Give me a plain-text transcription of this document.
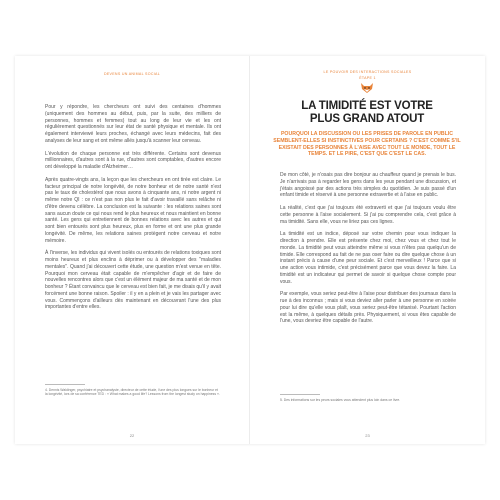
DEVENS UN ANIMAL SOCIAL

Pour y répondre, les chercheurs ont suivi des centaines d'hommes (uniquement des hommes au début, puis, par la suite, des milliers de personnes, hommes et femmes) tout au long de leur vie et les ont régulièrement questionnés sur leur état de santé physique et mentale. Ils ont également interviewé leurs proches, échangé avec leurs médecins, fait des analyses de leur sang et ont même allés jusqu'à scanner leur cerveau.

L'évolution de chaque personne est très différente. Certains sont devenus millionnaires, d'autres sont à la rue, d'autres sont comptables, d'autres encore ont développé la maladie d'Alzheimer…

Après quatre-vingts ans, la leçon que les chercheurs en ont tirée est claire. Le facteur principal de notre longévité, de notre bonheur et de notre santé n'est pas le taux de cholestérol que nous avons à cinquante ans, ni notre argent ni même notre QI : ce n'est pas non plus le fait d'avoir travaillé sans relâche ni d'être devenu célèbre. La conclusion est la suivante : les relations saines sont sans aucun doute ce qui nous rend le plus heureux et nous maintient en bonne santé. Les gens qui entretiennent de bonnes relations avec les autres et qui sont bien entourés sont plus heureux, plus en forme et ont une plus grande longévité. De même, les relations saines protègent notre cerveau et notre mémoire.

À l'inverse, les individus qui vivent isolés ou entourés de relations toxiques sont moins heureux et plus enclins à déprimer ou à développer des "maladies mentales". Quand j'ai découvert cette étude, une question m'est venue en tête. Pourquoi mon cerveau était capable de m'empêcher d'agir et de faire de nouvelles rencontres alors que c'est un élément majeur de ma santé et de mon bonheur ? Étant convaincu que le cerveau est bien fait, je me disais qu'il y avait forcément une bonne raison. Spoiler : il y en a plein et je vais les partager avec vous. Commençons d'ailleurs dès maintenant en découvrant l'une des plus importantes d'entre elles.

4. Dennis Waldinger, psychiatre et psychanalyste, directeur de cette étude, l'une des plus longues sur le bonheur et la longévité, lors de sa conférence TED : « What makes a good life? Lessons from the longest study on happiness ».
22
LE POUVOIR DES INTERACTIONS SOCIALES
ÉTAPE 1
LA TIMIDITÉ EST VOTRE
PLUS GRAND ATOUT
POURQUOI LA DISCUSSION OU LES PRISES DE PAROLE EN PUBLIC SEMBLENT-ELLES SI INSTINCTIVES POUR CERTAINS ? C'EST COMME S'IL EXISTAIT DES PERSONNES À L'AISE AVEC TOUT LE MONDE, TOUT LE TEMPS. ET LE PIRE, C'EST QUE C'EST LE CAS.

De mon côté, je n'osais pas dire bonjour au chauffeur quand je prenais le bus. Je n'arrivais pas à regarder les gens dans les yeux pendant une discussion, et j'étais angoissé par des actions très simples du quotidien. Je suis passé d'un enfant timide et réservé à une personne extravertie et à l'aise en public.

La réalité, c'est que j'ai toujours été extraverti et que j'ai toujours voulu être cette personne à l'aise socialement. Si j'ai pu comprendre cela, c'est grâce à ma timidité. Sans elle, vous ne liriez pas ces lignes.

La timidité est un indice, déposé sur votre chemin pour vous indiquer la direction à prendre. Elle est présente chez moi, chez vous et chez tout le monde. La timidité peut vous atteindre même si vous n'êtes pas quelqu'un de timide. Elle correspond au fait de ne pas oser faire ou dire quelque chose à un instant précis à cause d'une peur sociale. Et c'est merveilleux ! Parce que si une action vous intimide, c'est précisément parce que vous devez la faire. La timidité est un indicateur qui permet de savoir si quelque chose compte pour vous.

Par exemple, vous seriez peut-être à l'aise pour distribuer des journaux dans la rue à des inconnus ; mais si vous deviez aller parler à une personne en soirée pour lui dire qu'elle vous plaît, vous seriez peut-être tétanisé. Pourtant l'action est la même, à quelques détails près. Physiquement, si vous êtes capable de l'une, vous devriez être capable de l'autre.

5. Des informations sur les peurs sociales vous attendent plus loin dans ce livre.
23
